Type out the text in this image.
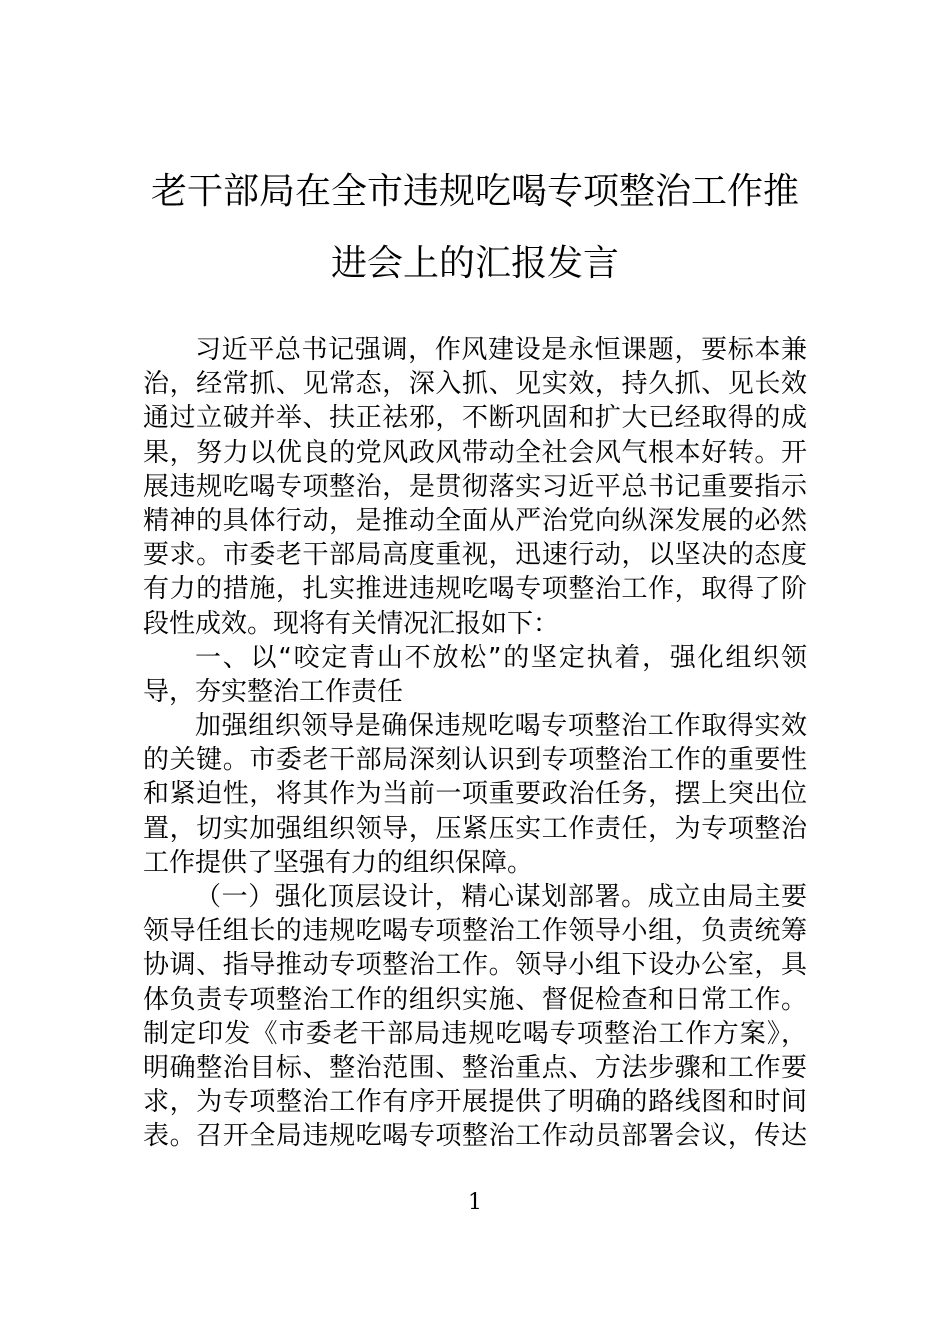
老干部局在全市违规吃喝专项整治工作推
进会上的汇报发言
习近平总书记强调，作风建设是永恒课题，要标本兼
治，经常抓、见常态，深入抓、见实效，持久抓、见长效
通过立破并举、扶正祛邪，不断巩固和扩大已经取得的成
果，努力以优良的党风政风带动全社会风气根本好转。开
展违规吃喝专项整治，是贯彻落实习近平总书记重要指示
精神的具体行动，是推动全面从严治党向纵深发展的必然
要求。市委老干部局高度重视，迅速行动，以坚决的态度
有力的措施，扎实推进违规吃喝专项整治工作，取得了阶
段性成效。现将有关情况汇报如下：
一、以“咬定青山不放松”的坚定执着，强化组织领
导，夯实整治工作责任
加强组织领导是确保违规吃喝专项整治工作取得实效
的关键。市委老干部局深刻认识到专项整治工作的重要性
和紧迫性，将其作为当前一项重要政治任务，摆上突出位
置，切实加强组织领导，压紧压实工作责任，为专项整治
工作提供了坚强有力的组织保障。
（一）强化顶层设计，精心谋划部署。成立由局主要
领导任组长的违规吃喝专项整治工作领导小组，负责统筹
协调、指导推动专项整治工作。领导小组下设办公室，具
体负责专项整治工作的组织实施、督促检查和日常工作。
制定印发《市委老干部局违规吃喝专项整治工作方案》，
明确整治目标、整治范围、整治重点、方法步骤和工作要
求，为专项整治工作有序开展提供了明确的路线图和时间
表。召开全局违规吃喝专项整治工作动员部署会议，传达
1
